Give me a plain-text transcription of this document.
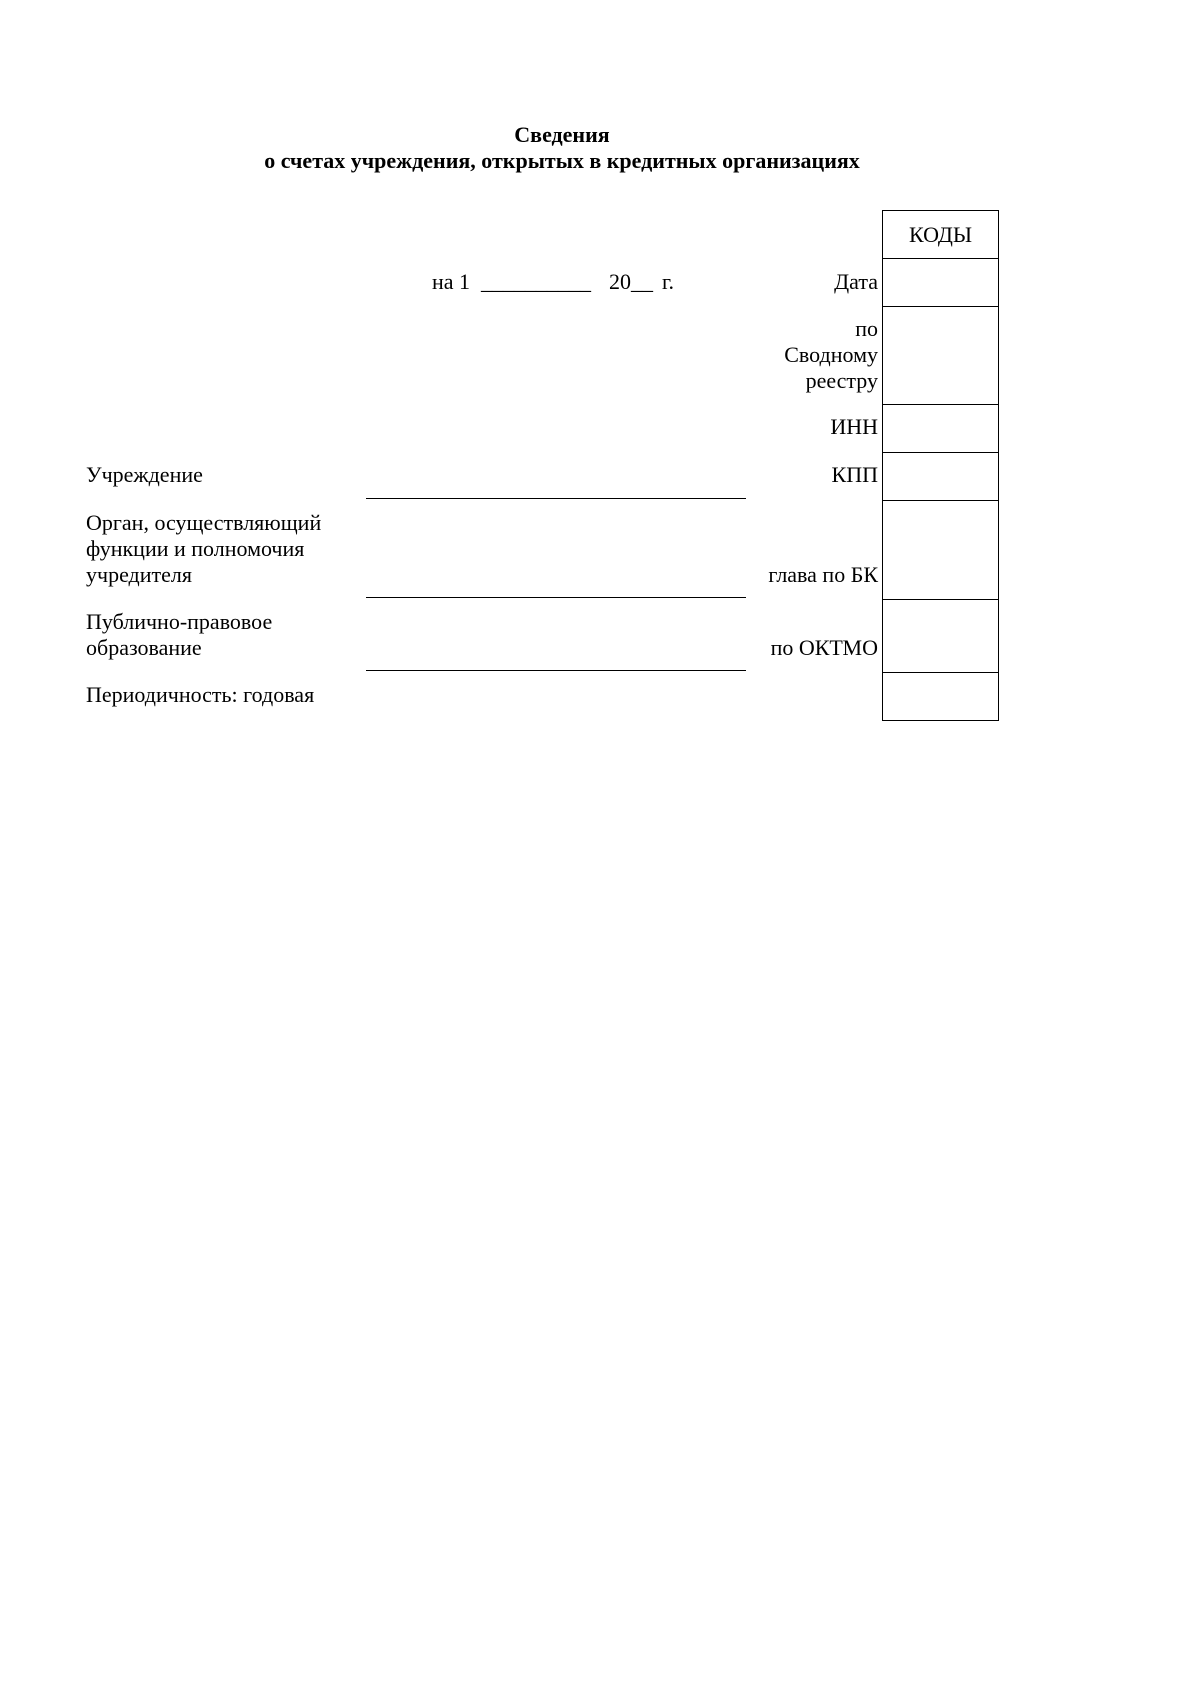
Сведения
о счетах учреждения, открытых в кредитных организациях
на 1 __________ 20__ г.	Дата
по
Сводному
реестру
ИНН
КПП
глава по БК
по ОКТМО
Учреждение
Орган, осуществляющий
функции и полномочия
учредителя
Публично-правовое
образование
Периодичность: годовая
КОДЫ
